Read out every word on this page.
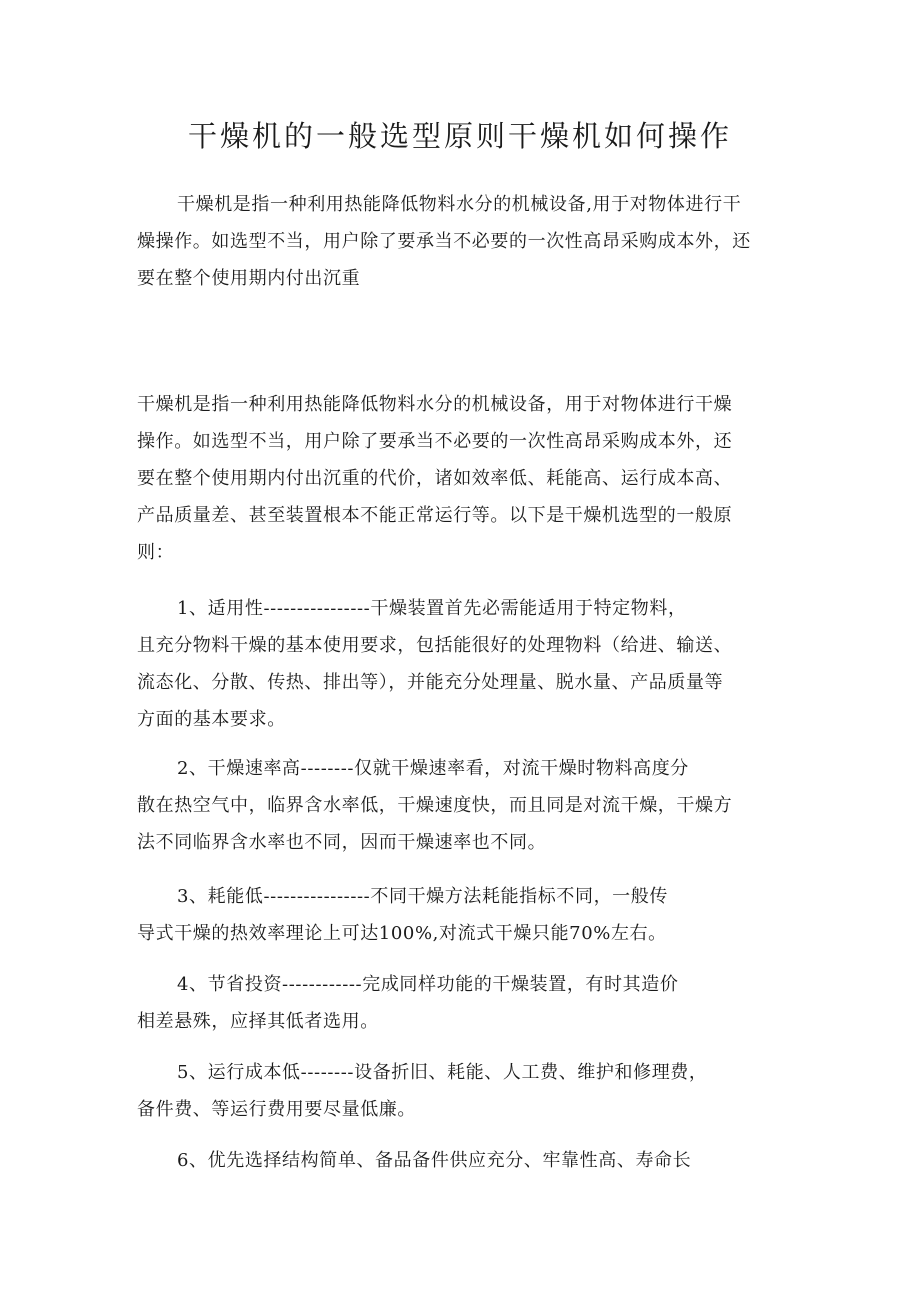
干燥机的一般选型原则干燥机如何操作
干燥机是指一种利用热能降低物料水分的机械设备,用于对物体进行干
燥操作。如选型不当，用户除了要承当不必要的一次性高昂采购成本外，还
要在整个使用期内付出沉重
干燥机是指一种利用热能降低物料水分的机械设备，用于对物体进行干燥
操作。如选型不当，用户除了要承当不必要的一次性高昂采购成本外，还
要在整个使用期内付出沉重的代价，诸如效率低、耗能高、运行成本高、
产品质量差、甚至装置根本不能正常运行等。以下是干燥机选型的一般原
则：
1、适用性----------------干燥装置首先必需能适用于特定物料，
且充分物料干燥的基本使用要求，包括能很好的处理物料（给进、输送、
流态化、分散、传热、排出等），并能充分处理量、脱水量、产品质量等
方面的基本要求。
2、干燥速率高--------仅就干燥速率看，对流干燥时物料高度分
散在热空气中，临界含水率低，干燥速度快，而且同是对流干燥，干燥方
法不同临界含水率也不同，因而干燥速率也不同。
3、耗能低----------------不同干燥方法耗能指标不同，一般传
导式干燥的热效率理论上可达100%,对流式干燥只能70%左右。
4、节省投资------------完成同样功能的干燥装置，有时其造价
相差悬殊，应择其低者选用。
5、运行成本低--------设备折旧、耗能、人工费、维护和修理费，
备件费、等运行费用要尽量低廉。
6、优先选择结构简单、备品备件供应充分、牢靠性高、寿命长
